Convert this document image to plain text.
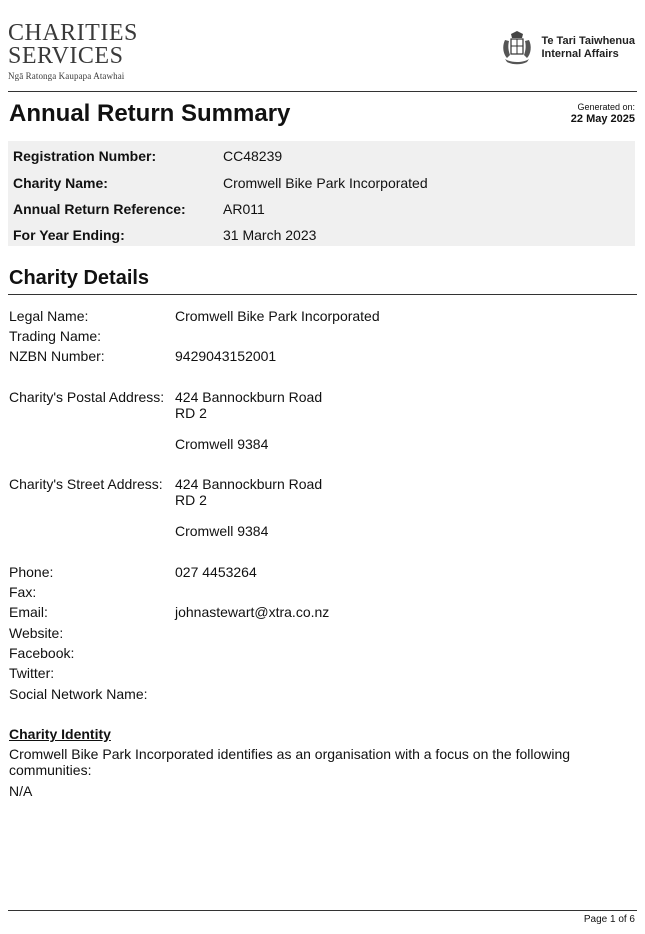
CHARITIES
SERVICES
Ngā Ratonga Kaupapa Atawhai
Te Tari Taiwhenua
Internal Affairs
Annual Return Summary	Generated on:
22 May 2025
Registration Number:	CC48239
Charity Name:	Cromwell Bike Park Incorporated
Annual Return Reference:	AR011
For Year Ending:	31 March 2023
Charity Details
Legal Name:	Cromwell Bike Park Incorporated
Trading Name:
NZBN Number:	9429043152001
Charity's Postal Address: 424 Bannockburn Road
RD 2
Cromwell 9384
Charity's Street Address: 424 Bannockburn Road
RD 2
Cromwell 9384
Phone:	027 4453264
Fax:
Email:	johnastewart@xtra.co.nz
Website:
Facebook:
Twitter:
Social Network Name:
Charity Identity
Cromwell Bike Park Incorporated identifies as an organisation with a focus on the following communities:
N/A
Page 1 of 6
